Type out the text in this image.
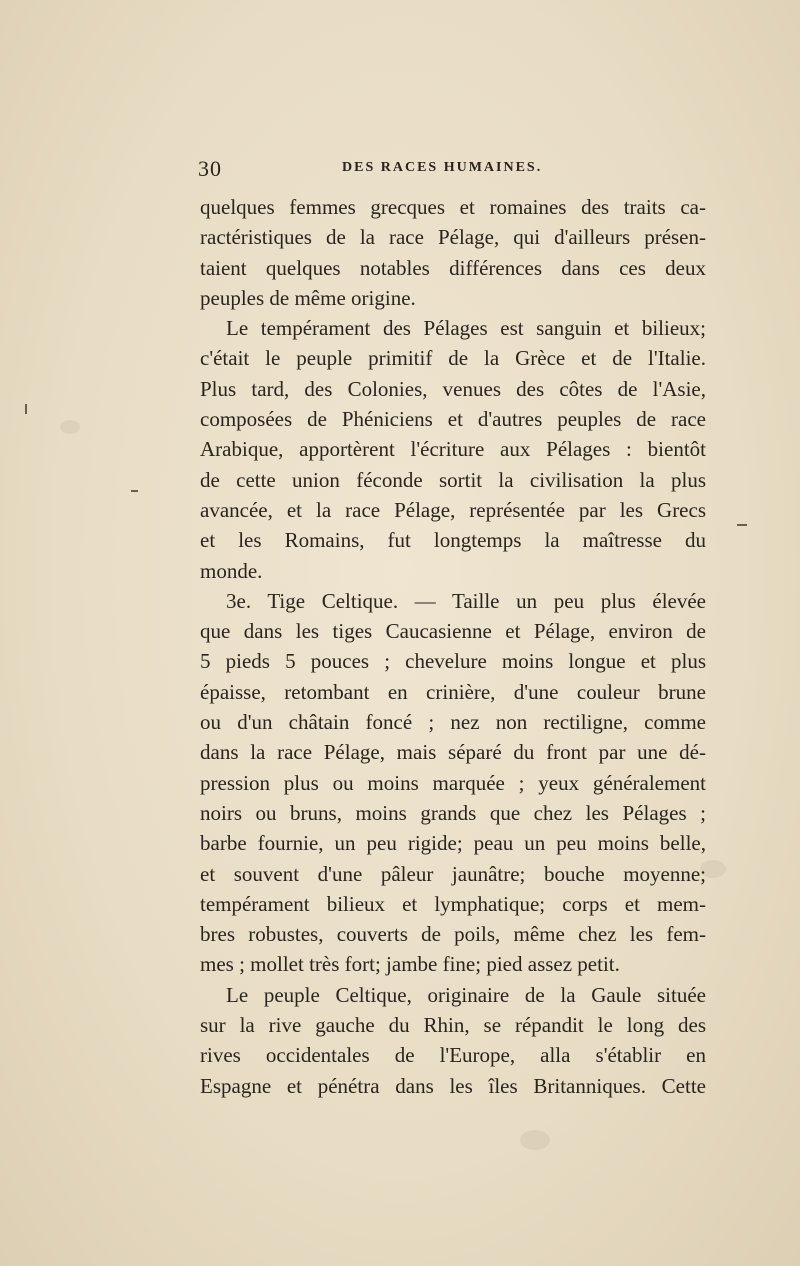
30	DES RACES HUMAINES.
quelques femmes grecques et romaines des traits ca-
ractéristiques de la race Pélage, qui d'ailleurs présen-
taient quelques notables différences dans ces deux
peuples de même origine.
Le tempérament des Pélages est sanguin et bilieux;
c'était le peuple primitif de la Grèce et de l'Italie.
Plus tard, des Colonies, venues des côtes de l'Asie,
composées de Phéniciens et d'autres peuples de race
Arabique, apportèrent l'écriture aux Pélages : bientôt
de cette union féconde sortit la civilisation la plus
avancée, et la race Pélage, représentée par les Grecs
et les Romains, fut longtemps la maîtresse du
monde.
3e. Tige Celtique. — Taille un peu plus élevée
que dans les tiges Caucasienne et Pélage, environ de
5 pieds 5 pouces ; chevelure moins longue et plus
épaisse, retombant en crinière, d'une couleur brune
ou d'un châtain foncé ; nez non rectiligne, comme
dans la race Pélage, mais séparé du front par une dé-
pression plus ou moins marquée ; yeux généralement
noirs ou bruns, moins grands que chez les Pélages ;
barbe fournie, un peu rigide; peau un peu moins belle,
et souvent d'une pâleur jaunâtre; bouche moyenne;
tempérament bilieux et lymphatique; corps et mem-
bres robustes, couverts de poils, même chez les fem-
mes ; mollet très fort; jambe fine; pied assez petit.
Le peuple Celtique, originaire de la Gaule située
sur la rive gauche du Rhin, se répandit le long des
rives occidentales de l'Europe, alla s'établir en
Espagne et pénétra dans les îles Britanniques. Cette
